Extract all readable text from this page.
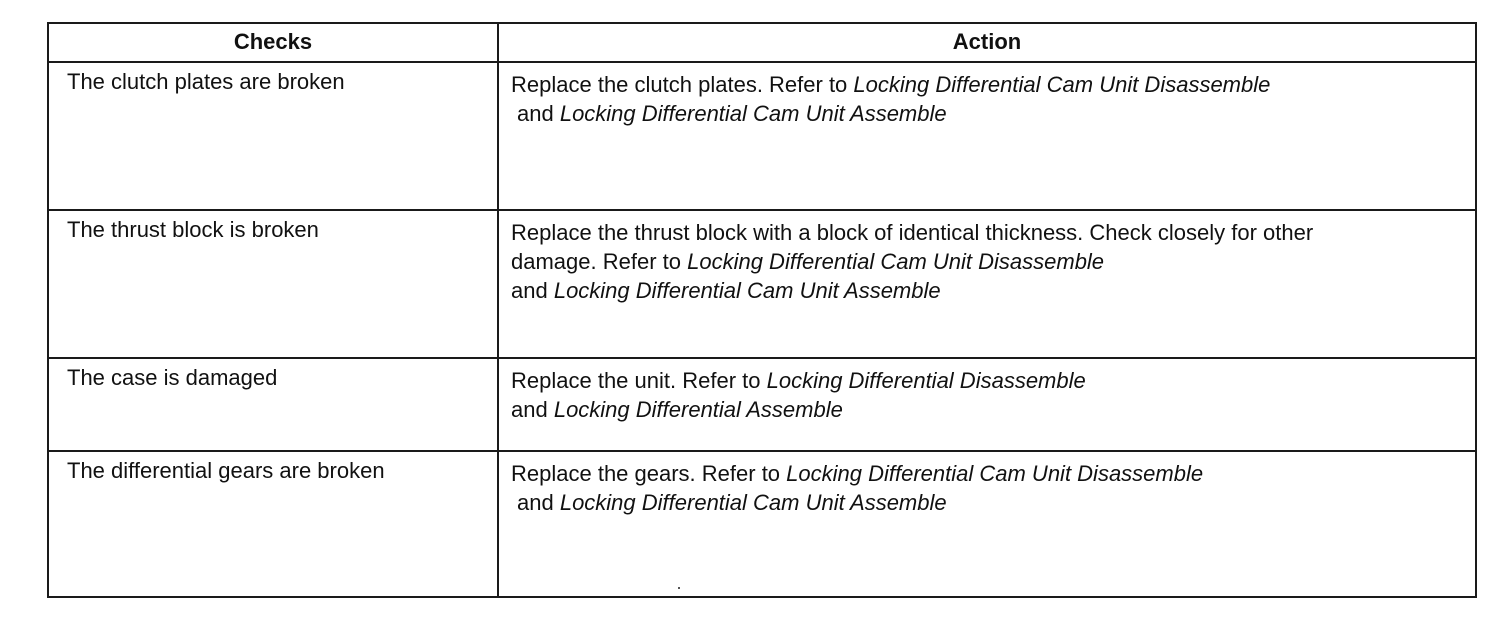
Checks	Action
The clutch plates are broken	Replace the clutch plates. Refer to Locking Differential Cam Unit Disassemble
and Locking Differential Cam Unit Assemble

The thrust block is broken	Replace the thrust block with a block of identical thickness. Check closely for other
damage. Refer to Locking Differential Cam Unit Disassemble
and Locking Differential Cam Unit Assemble

The case is damaged	Replace the unit. Refer to Locking Differential Disassemble
and Locking Differential Assemble

The differential gears are broken	Replace the gears. Refer to Locking Differential Cam Unit Disassemble
and Locking Differential Cam Unit Assemble
